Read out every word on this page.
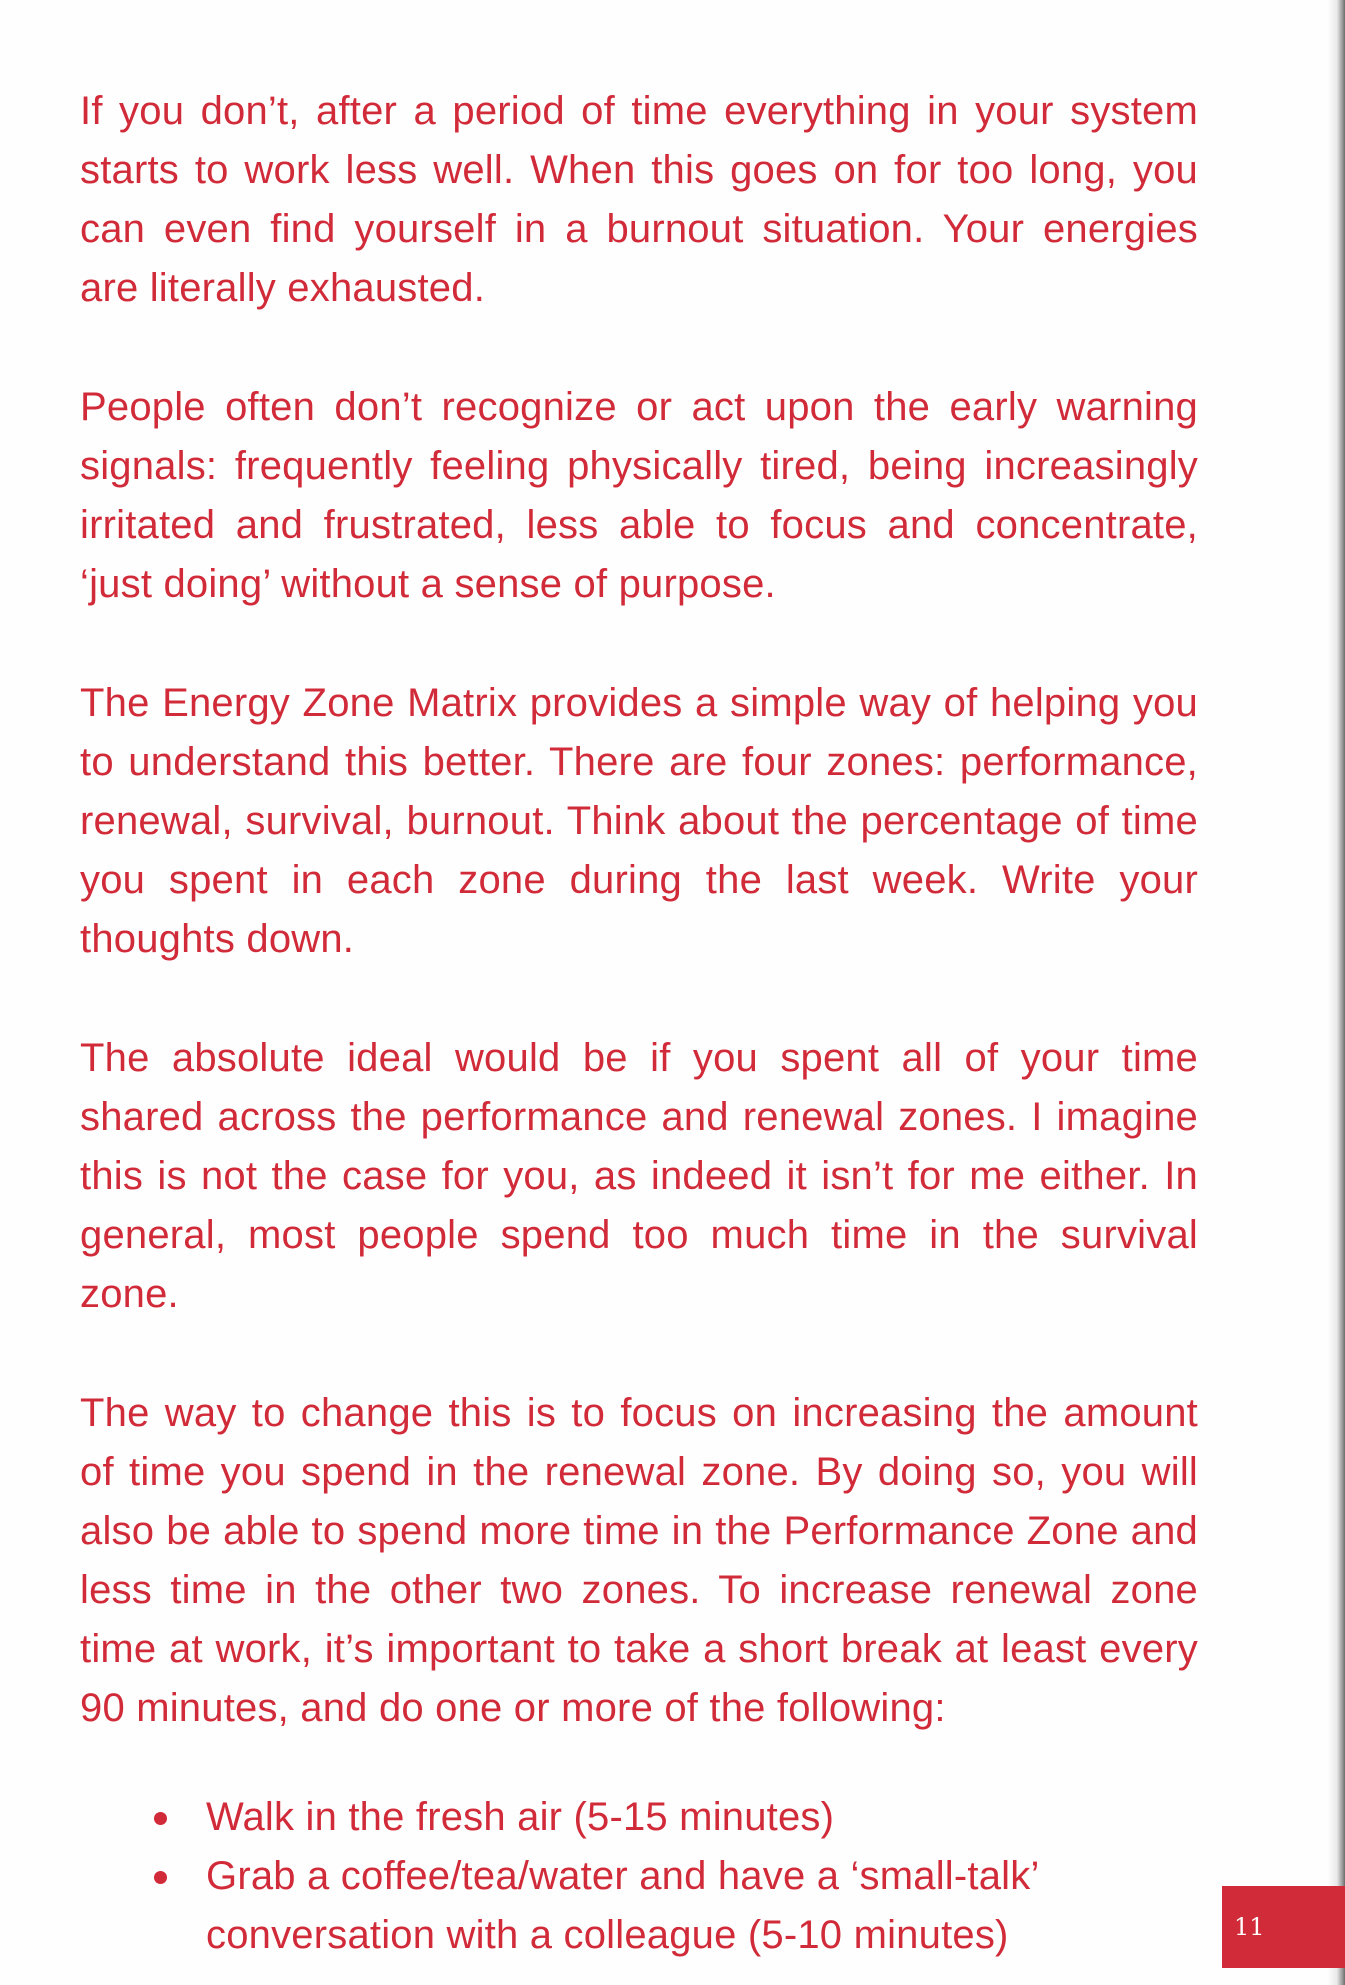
If you don’t, after a period of time everything in your system starts to work less well. When this goes on for too long, you can even find yourself in a burnout situation. Your energies are literally exhausted.

People often don’t recognize or act upon the early warning signals: frequently feeling physically tired, being increasingly irritated and frustrated, less able to focus and concentrate, ‘just doing’ without a sense of purpose.

The Energy Zone Matrix provides a simple way of helping you to understand this better. There are four zones: performance, renewal, survival, burnout. Think about the percentage of time you spent in each zone during the last week. Write your thoughts down.

The absolute ideal would be if you spent all of your time shared across the performance and renewal zones. I imagine this is not the case for you, as indeed it isn’t for me either. In general, most people spend too much time in the survival zone.

The way to change this is to focus on increasing the amount of time you spend in the renewal zone. By doing so, you will also be able to spend more time in the Performance Zone and less time in the other two zones. To increase renewal zone time at work, it’s important to take a short break at least every 90 minutes, and do one or more of the following:

Walk in the fresh air (5-15 minutes)
Grab a coffee/tea/water and have a ‘small-talk’ conversation with a colleague (5-10 minutes)	11
